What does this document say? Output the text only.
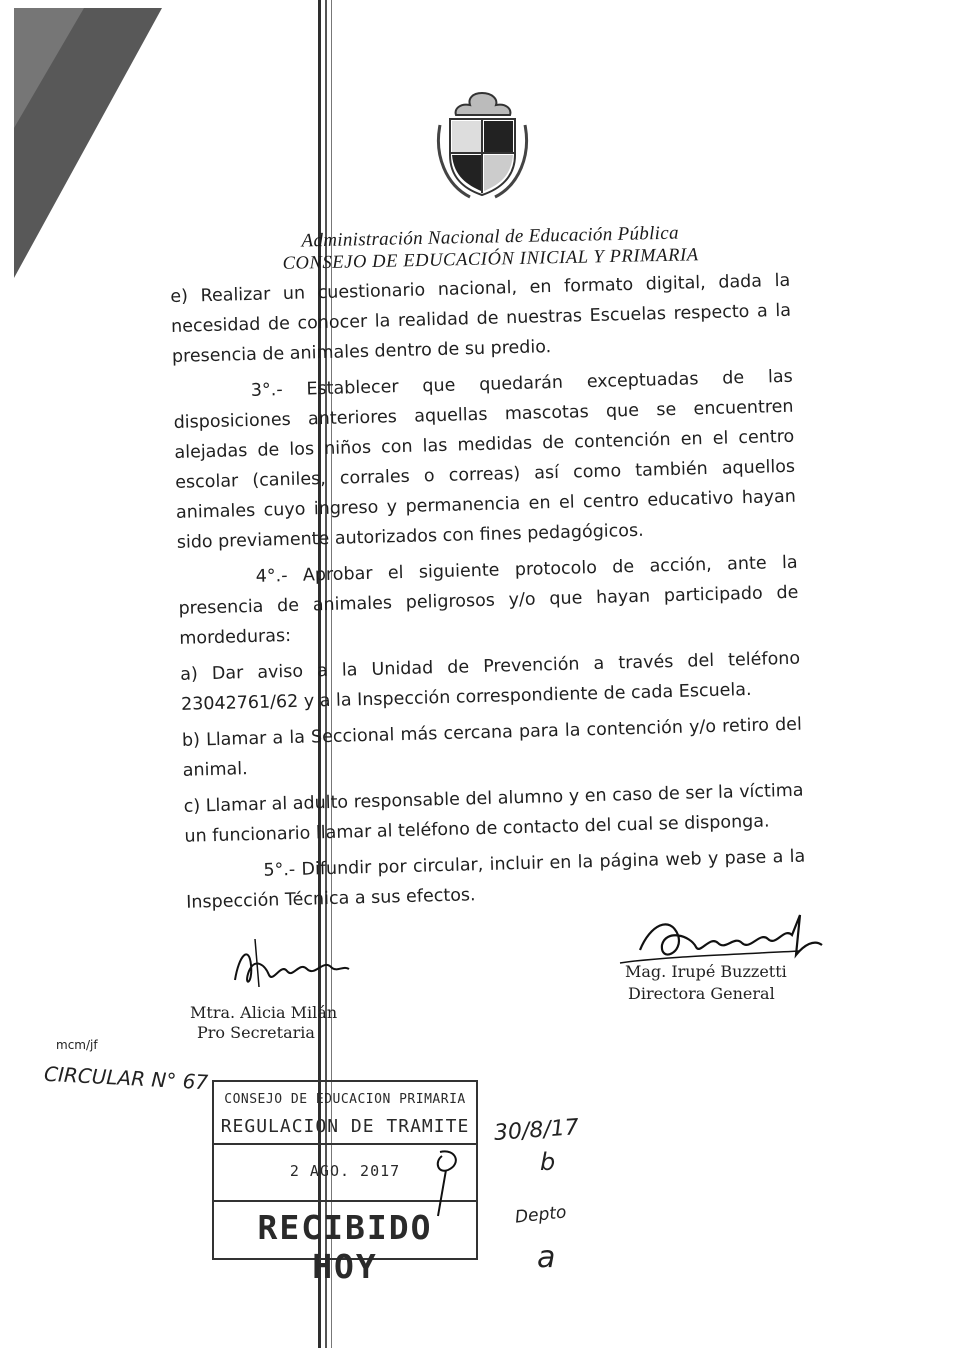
Administración Nacional de Educación Pública
CONSEJO DE EDUCACIÓN INICIAL Y PRIMARIA

e) Realizar un cuestionario nacional, en formato digital, dada la necesidad de conocer la realidad de nuestras Escuelas respecto a la presencia de animales dentro de su predio.

3°.- Establecer que quedarán exceptuadas de las disposiciones anteriores aquellas mascotas que se encuentren alejadas de los niños con las medidas de contención en el centro escolar (caniles, corrales o correas) así como también aquellos animales cuyo ingreso y permanencia en el centro educativo hayan sido previamente autorizados con fines pedagógicos.

4°.- Aprobar el siguiente protocolo de acción, ante la presencia de animales peligrosos y/o que hayan participado de mordeduras:

a) Dar aviso a la Unidad de Prevención a través del teléfono 23042761/62 y a la Inspección correspondiente de cada Escuela.

b) Llamar a la Seccional más cercana para la contención y/o retiro del animal.

c) Llamar al adulto responsable del alumno y en caso de ser la víctima un funcionario llamar al teléfono de contacto del cual se disponga.

5°.- Difundir por circular, incluir en la página web y pase a la Inspección Técnica a sus efectos.

Mag. Irupé Buzzetti
Directora General
Mtra. Alicia Milán
Pro Secretaria
mcm/jf
CIRCULAR N° 67
CONSEJO DE EDUCACION PRIMARIA
REGULACION DE TRAMITE
2 AGO. 2017
RECIBIDO HOY
30/8/17
b
Depto
a
